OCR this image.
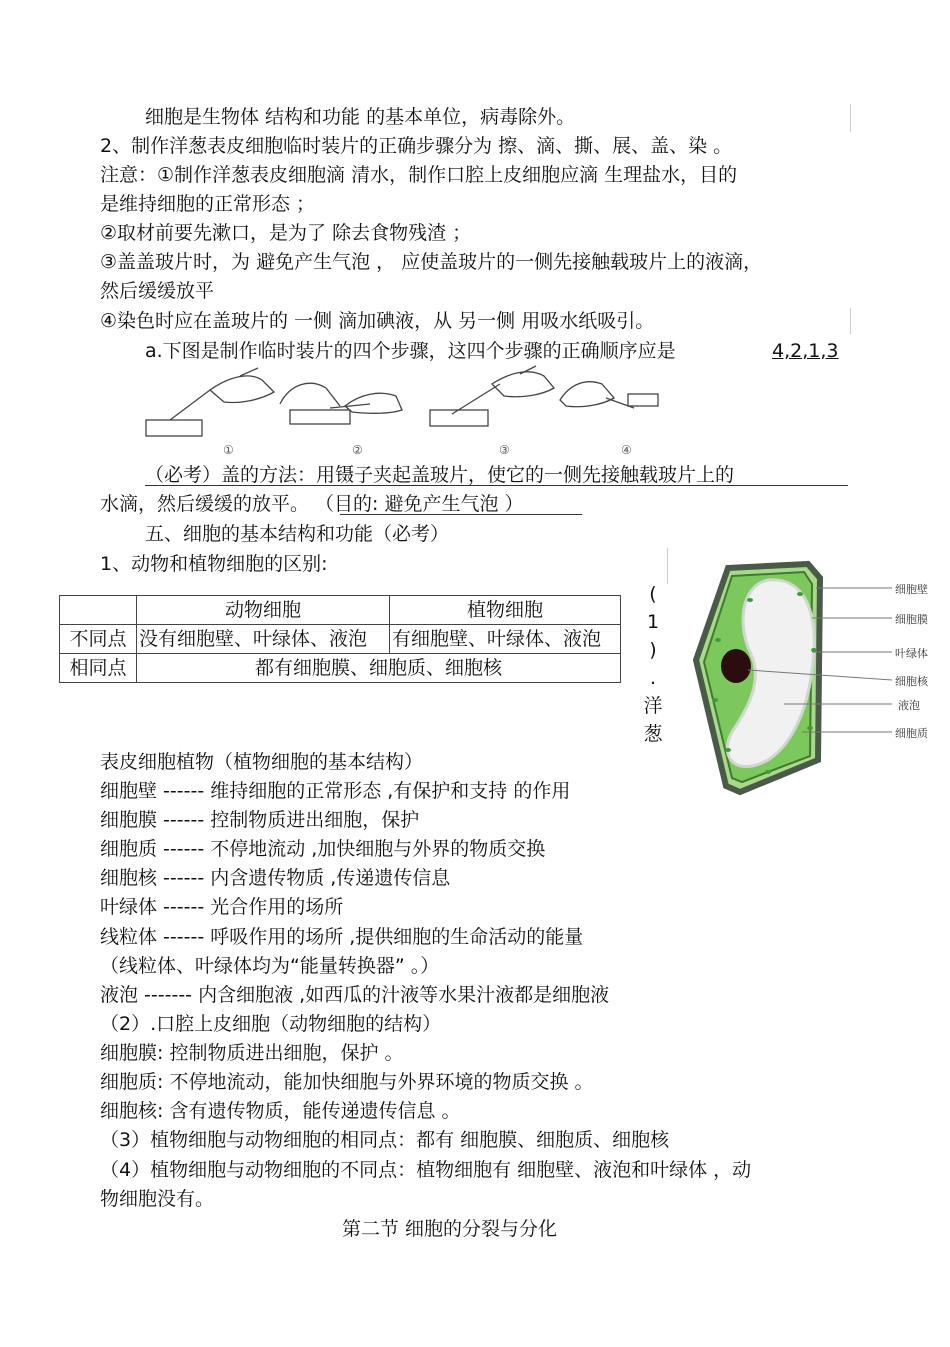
细胞是生物体 结构和功能 的基本单位，病毒除外。
2、制作洋葱表皮细胞临时装片的正确步骤分为 擦、滴、撕、展、盖、染 。
注意：①制作洋葱表皮细胞滴 清水，制作口腔上皮细胞应滴 生理盐水，目的
是维持细胞的正常形态 ；
②取材前要先漱口，是为了 除去食物残渣 ；
③盖盖玻片时，为 避免产生气泡 ， 应使盖玻片的一侧先接触载玻片上的液滴，
然后缓缓放平
④染色时应在盖玻片的 一侧 滴加碘液，从 另一侧 用吸水纸吸引。
a.下图是制作临时装片的四个步骤，这四个步骤的正确顺序应是	4,2,1,3
①	②	③	④
（必考）盖的方法：用镊子夹起盖玻片，使它的一侧先接触载玻片上的
水滴，然后缓缓的放平。 （目的: 避免产生气泡 ）
五、细胞的基本结构和功能（必考）
1、动物和植物细胞的区别:
	动物细胞	植物细胞
不同点	没有细胞壁、叶绿体、液泡	有细胞壁、叶绿体、液泡
相同点	都有细胞膜、细胞质、细胞核	
(
1
)
.
洋
葱
细胞壁
细胞膜
叶绿体
细胞核
液泡
细胞质
表皮细胞植物（植物细胞的基本结构）
细胞壁 ------ 维持细胞的正常形态 ,有保护和支持 的作用
细胞膜 ------ 控制物质进出细胞，保护
细胞质 ------ 不停地流动 ,加快细胞与外界的物质交换
细胞核 ------ 内含遗传物质 ,传递遗传信息
叶绿体 ------ 光合作用的场所
线粒体 ------ 呼吸作用的场所 ,提供细胞的生命活动的能量
（线粒体、叶绿体均为“能量转换器” 。）
液泡 ------- 内含细胞液 ,如西瓜的汁液等水果汁液都是细胞液
（2）.口腔上皮细胞（动物细胞的结构）
细胞膜: 控制物质进出细胞，保护 。
细胞质: 不停地流动，能加快细胞与外界环境的物质交换 。
细胞核: 含有遗传物质，能传递遗传信息 。
（3）植物细胞与动物细胞的相同点：都有 细胞膜、细胞质、细胞核
（4）植物细胞与动物细胞的不同点：植物细胞有 细胞壁、液泡和叶绿体 ，动
物细胞没有。
第二节 细胞的分裂与分化
